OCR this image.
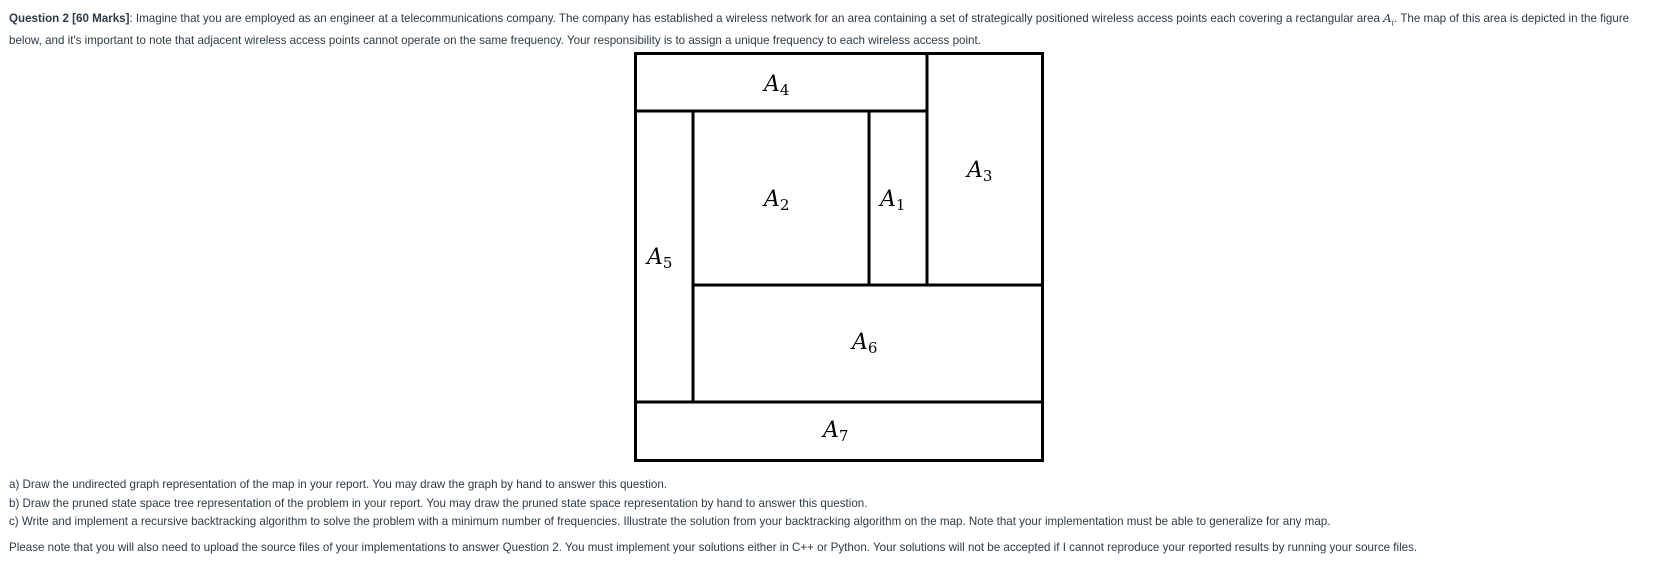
Question 2 [60 Marks]: Imagine that you are employed as an engineer at a telecommunications company. The company has established a wireless network for an area containing a set of strategically positioned wireless access points each covering a rectangular area $A_i$. The map of this area is depicted in the figure below, and it's important to note that adjacent wireless access points cannot operate on the same frequency. Your responsibility is to assign a unique frequency to each wireless access point.

A4
A3
A2	A1
A5
A6
A7

a) Draw the undirected graph representation of the map in your report. You may draw the graph by hand to answer this question.

b) Draw the pruned state space tree representation of the problem in your report. You may draw the pruned state space representation by hand to answer this question.

c) Write and implement a recursive backtracking algorithm to solve the problem with a minimum number of frequencies. Illustrate the solution from your backtracking algorithm on the map. Note that your implementation must be able to generalize for any map.

Please note that you will also need to upload the source files of your implementations to answer Question 2. You must implement your solutions either in C++ or Python. Your solutions will not be accepted if I cannot reproduce your reported results by running your source files.
